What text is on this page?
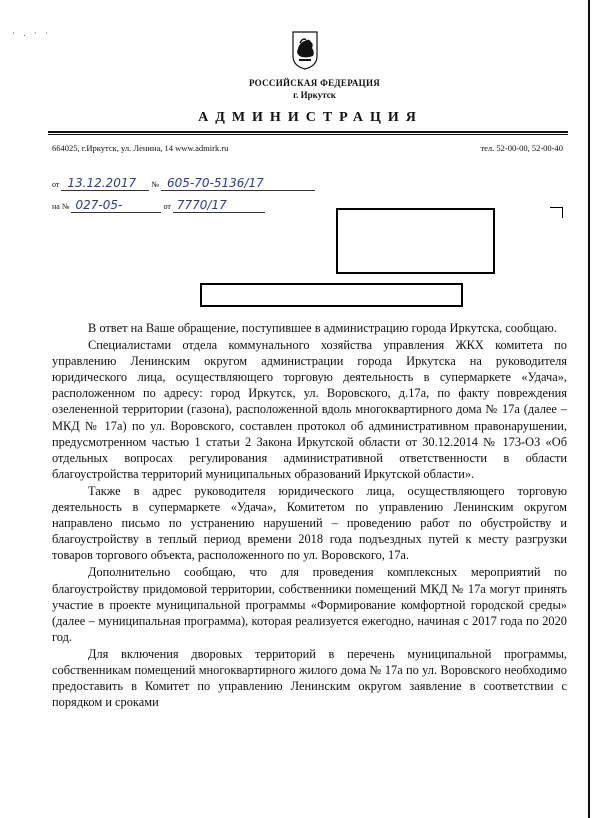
· . · ·
РОССИЙСКАЯ ФЕДЕРАЦИЯ
г. Иркутск
АДМИНИСТРАЦИЯ
664025, г.Иркутск, ул. Ленина, 14 www.admirk.ru	тел. 52-00-00, 52-00-40
от 13.12.2017 № 605-70-5136/17
на № 027-05-	от 7770/17

В ответ на Ваше обращение, поступившее в администрацию города Иркутска, сообщаю.

Специалистами отдела коммунального хозяйства управления ЖКХ комитета по управлению Ленинским округом администрации города Иркутска на руководителя юридического лица, осуществляющего торговую деятельность в супермаркете «Удача», расположенном по адресу: город Иркутск, ул. Воровского, д.17а, по факту повреждения озелененной территории (газона), расположенной вдоль многоквартирного дома № 17а (далее – МКД № 17а) по ул. Воровского, составлен протокол об административном правонарушении, предусмотренном частью 1 статьи 2 Закона Иркутской области от 30.12.2014 № 173-ОЗ «Об отдельных вопросах регулирования административной ответственности в области благоустройства территорий муниципальных образований Иркутской области».

Также в адрес руководителя юридического лица, осуществляющего торговую деятельность в супермаркете «Удача», Комитетом по управлению Ленинским округом направлено письмо по устранению нарушений – проведению работ по обустройству и благоустройству в теплый период времени 2018 года подъездных путей к месту разгрузки товаров торгового объекта, расположенного по ул. Воровского, 17а.

Дополнительно сообщаю, что для проведения комплексных мероприятий по благоустройству придомовой территории, собственники помещений МКД № 17а могут принять участие в проекте муниципальной программы «Формирование комфортной городской среды» (далее – муниципальная программа), которая реализуется ежегодно, начиная с 2017 года по 2020 год.

Для включения дворовых территорий в перечень муниципальной программы, собственникам помещений многоквартирного жилого дома № 17а по ул. Воровского необходимо предоставить в Комитет по управлению Ленинским округом заявление в соответствии с порядком и сроками
